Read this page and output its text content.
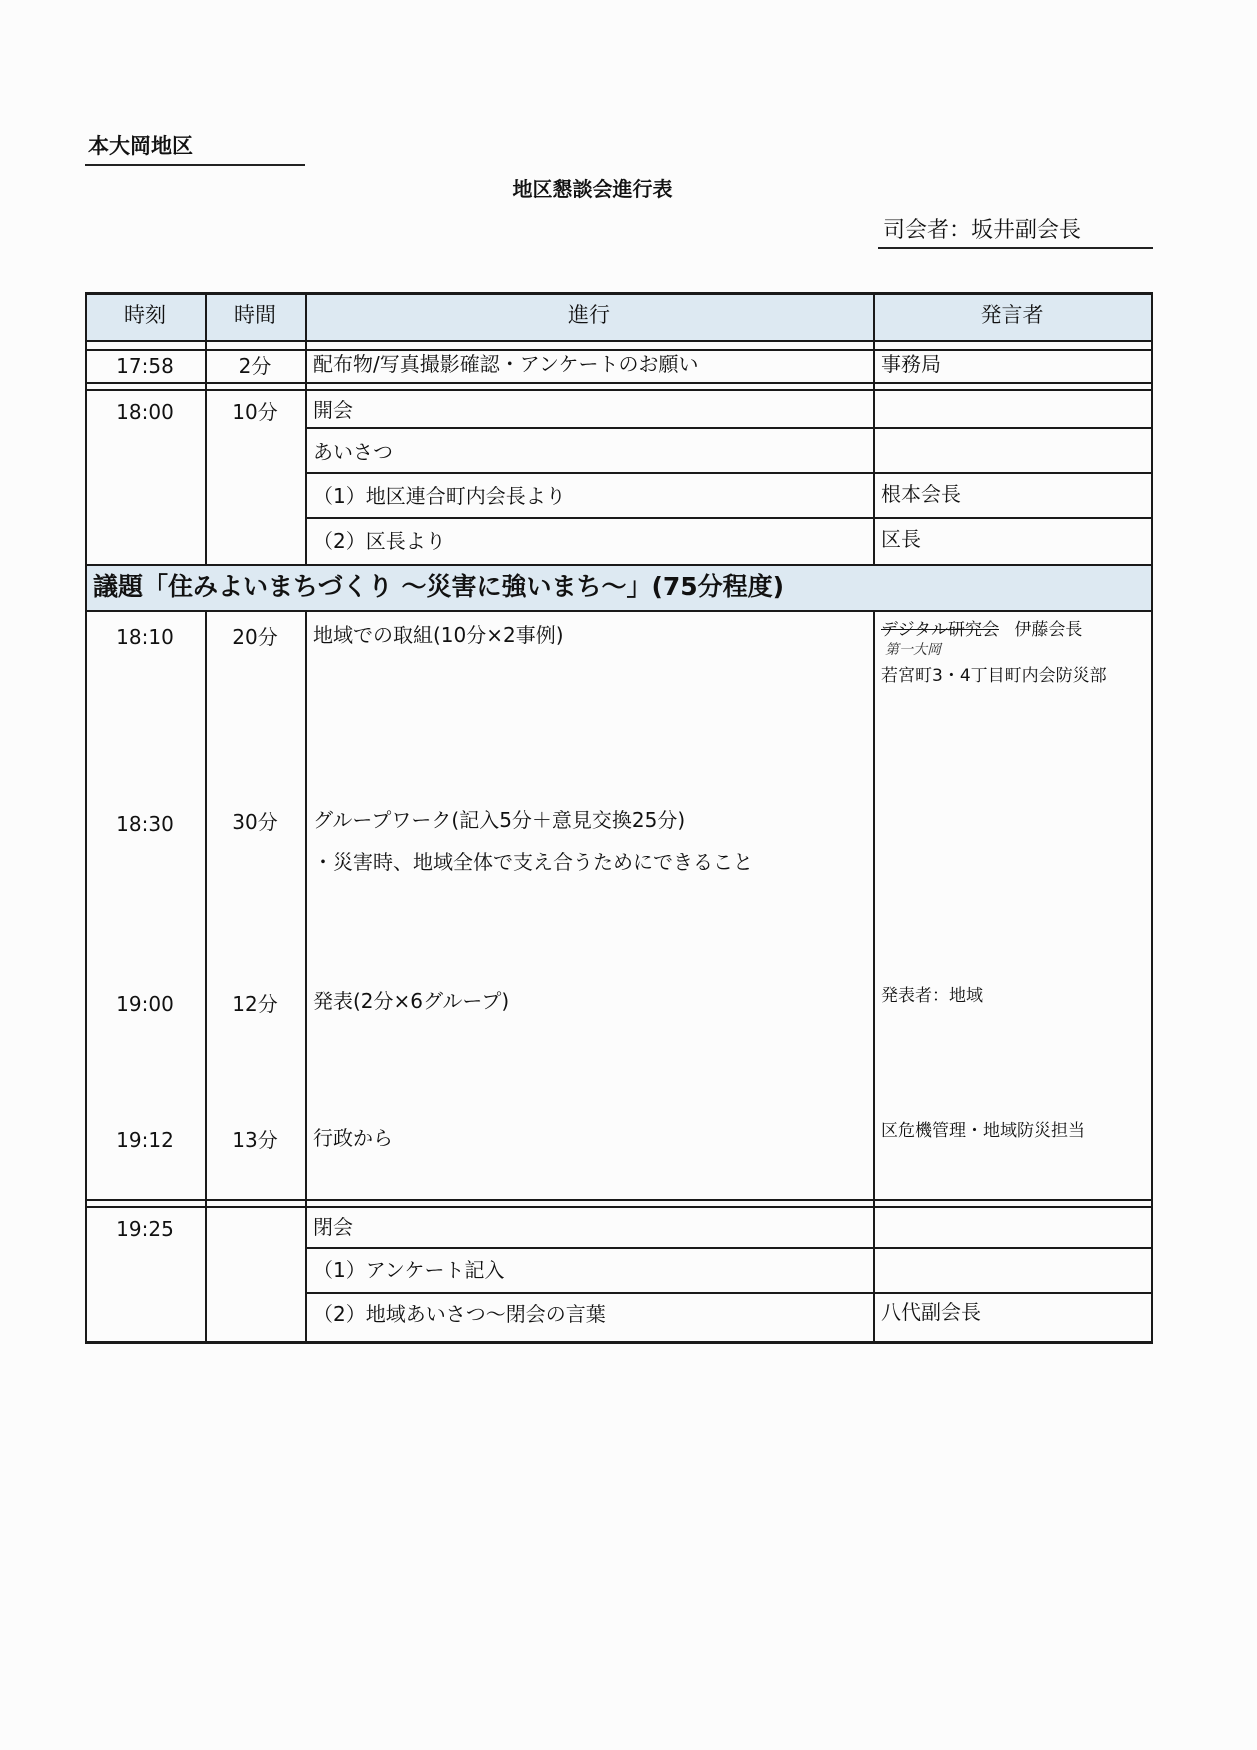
本大岡地区
地区懇談会進行表
司会者：坂井副会長
時刻	時間	進行	発言者
17:58	2分	配布物/写真撮影確認・アンケートのお願い	事務局
18:00	10分	開会
あいさつ
（1）地区連合町内会長より	根本会長
（2）区長より	区長
議題「住みよいまちづくり ～災害に強いまち～」(75分程度)
18:10	20分	地域での取組(10分×2事例)	デジタル研究会 伊藤会長
第一大岡
若宮町3・4丁目町内会防災部
18:30	30分	グループワーク(記入5分＋意見交換25分)
・災害時、地域全体で支え合うためにできること
19:00	12分	発表(2分×6グループ)	発表者：地域
19:12	13分	行政から	区危機管理・地域防災担当
19:25	閉会
（1）アンケート記入
（2）地域あいさつ～閉会の言葉	八代副会長
